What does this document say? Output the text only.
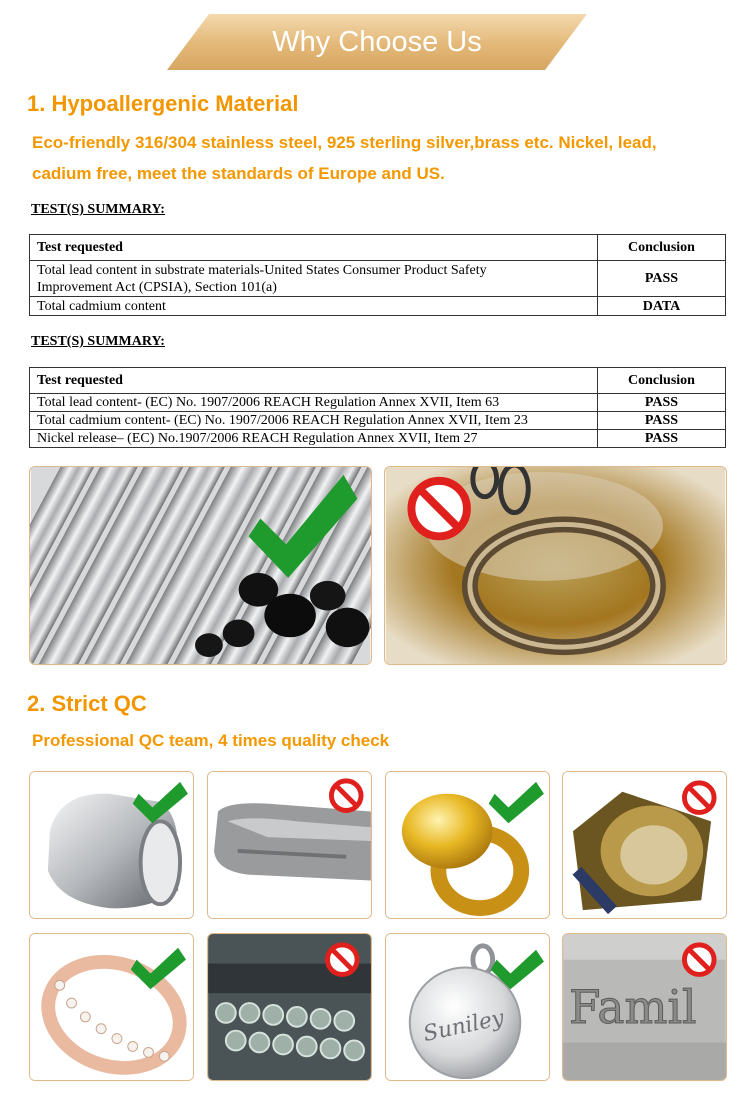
Why Choose Us
1. Hypoallergenic Material
Eco-friendly 316/304 stainless steel, 925 sterling silver,brass etc. Nickel, lead,
cadium free, meet the standards of Europe and US.
TEST(S) SUMMARY:
Test requested	Conclusion

Total lead content in substrate materials-United States Consumer Product Safety
Improvement Act (CPSIA), Section 101(a)	PASS
Total cadmium content	DATA
TEST(S) SUMMARY:
Test requested	Conclusion
Total lead content- (EC) No. 1907/2006 REACH Regulation Annex XVII, Item 63	PASS
Total cadmium content- (EC) No. 1907/2006 REACH Regulation Annex XVII, Item 23	PASS
Nickel release– (EC) No.1907/2006 REACH Regulation Annex XVII, Item 27	PASS
2. Strict QC
Professional QC team, 4 times quality check
Suniley Famil
